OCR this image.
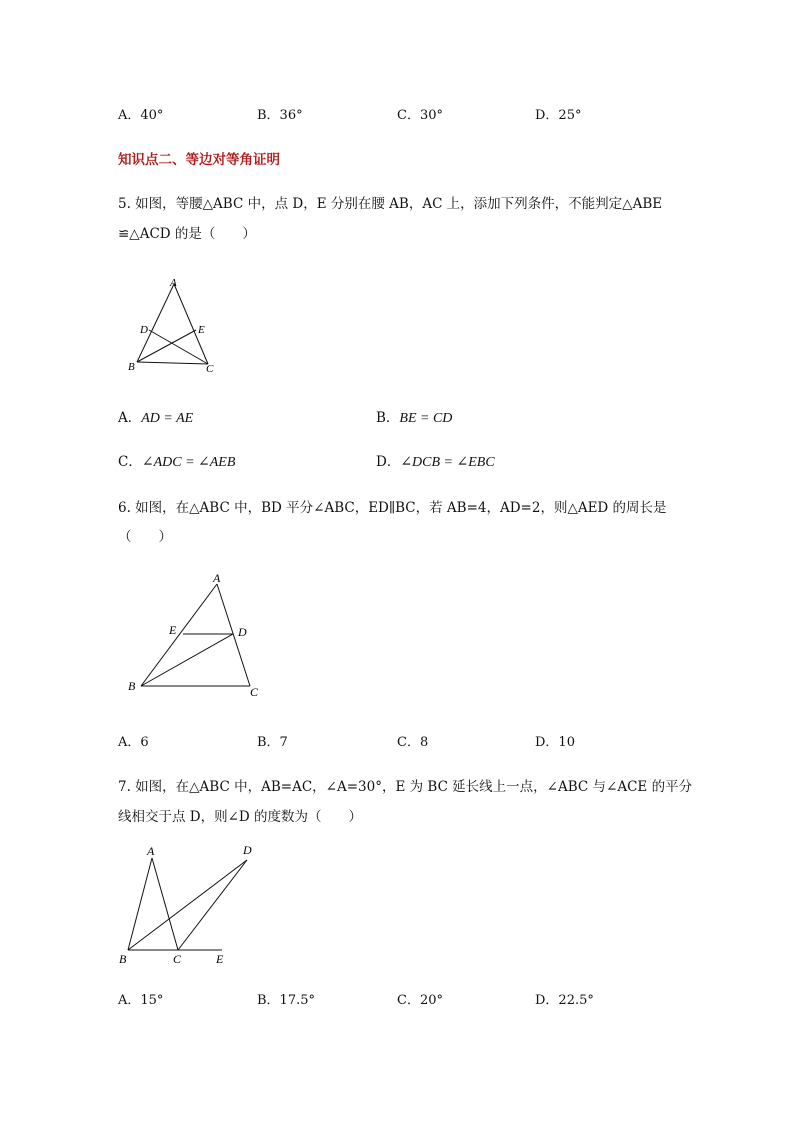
A．40°	B．36°	C．30°	D．25°
知识点二、等边对等角证明
5. 如图，等腰△ABC 中，点 D，E 分别在腰 AB，AC 上，添加下列条件，不能判定△ABE
≌△ACD 的是（　　）
A
D	E
B	C
A．AD = AE	B．BE = CD
C．∠ADC = ∠AEB	D．∠DCB = ∠EBC
6. 如图，在△ABC 中，BD 平分∠ABC，ED∥BC，若 AB=4，AD=2，则△AED 的周长是
（　　）
A
E	D
B	C
A．6	B．7	C．8	D．10
7. 如图，在△ABC 中，AB=AC，∠A=30°，E 为 BC 延长线上一点，∠ABC 与∠ACE 的平分
线相交于点 D，则∠D 的度数为（　　）
A	D
B	C	E
A．15°	B．17.5°	C．20°	D．22.5°
